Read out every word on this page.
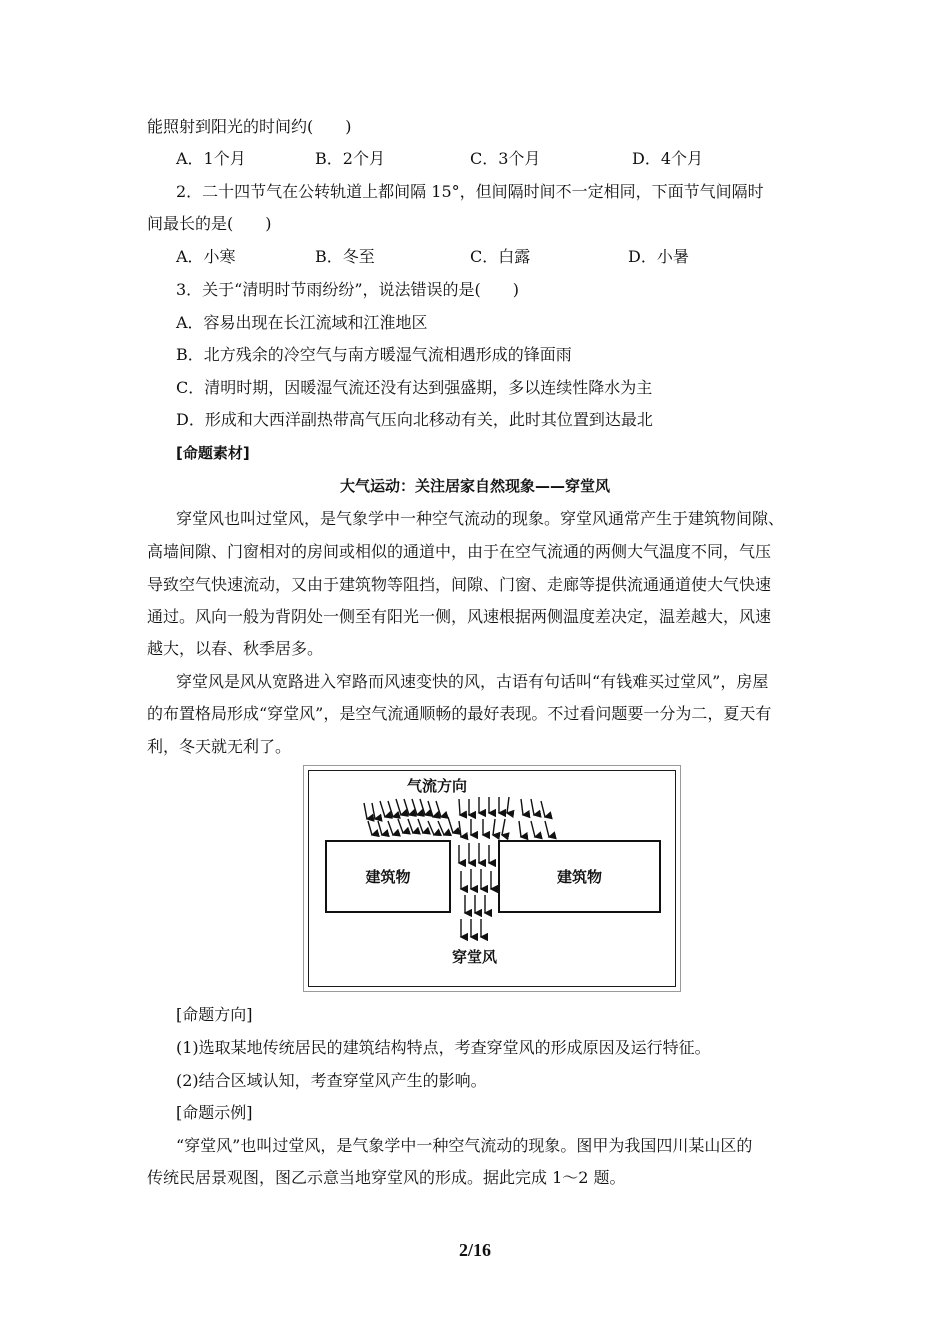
能照射到阳光的时间约(　　)
A．1个月	B．2个月	C．3个月	D．4个月
2．二十四节气在公转轨道上都间隔 15°，但间隔时间不一定相同，下面节气间隔时
间最长的是(　　)
A．小寒	B．冬至	C．白露	D．小暑
3．关于“清明时节雨纷纷”，说法错误的是(　　)
A．容易出现在长江流域和江淮地区
B．北方残余的冷空气与南方暖湿气流相遇形成的锋面雨
C．清明时期，因暖湿气流还没有达到强盛期，多以连续性降水为主
D．形成和大西洋副热带高气压向北移动有关，此时其位置到达最北
[命题素材]
大气运动：关注居家自然现象——穿堂风
穿堂风也叫过堂风，是气象学中一种空气流动的现象。穿堂风通常产生于建筑物间隙、
高墙间隙、门窗相对的房间或相似的通道中，由于在空气流通的两侧大气温度不同，气压
导致空气快速流动，又由于建筑物等阻挡，间隙、门窗、走廊等提供流通通道使大气快速
通过。风向一般为背阴处一侧至有阳光一侧，风速根据两侧温度差决定，温差越大，风速
越大，以春、秋季居多。
穿堂风是风从宽路进入窄路而风速变快的风，古语有句话叫“有钱难买过堂风”，房屋
的布置格局形成“穿堂风”，是空气流通顺畅的最好表现。不过看问题要一分为二，夏天有
利，冬天就无利了。
气流方向
建筑物	建筑物
穿堂风
[命题方向]
(1)选取某地传统居民的建筑结构特点，考查穿堂风的形成原因及运行特征。
(2)结合区域认知，考查穿堂风产生的影响。
[命题示例]
“穿堂风”也叫过堂风，是气象学中一种空气流动的现象。图甲为我国四川某山区的
传统民居景观图，图乙示意当地穿堂风的形成。据此完成 1～2 题。
2/16
